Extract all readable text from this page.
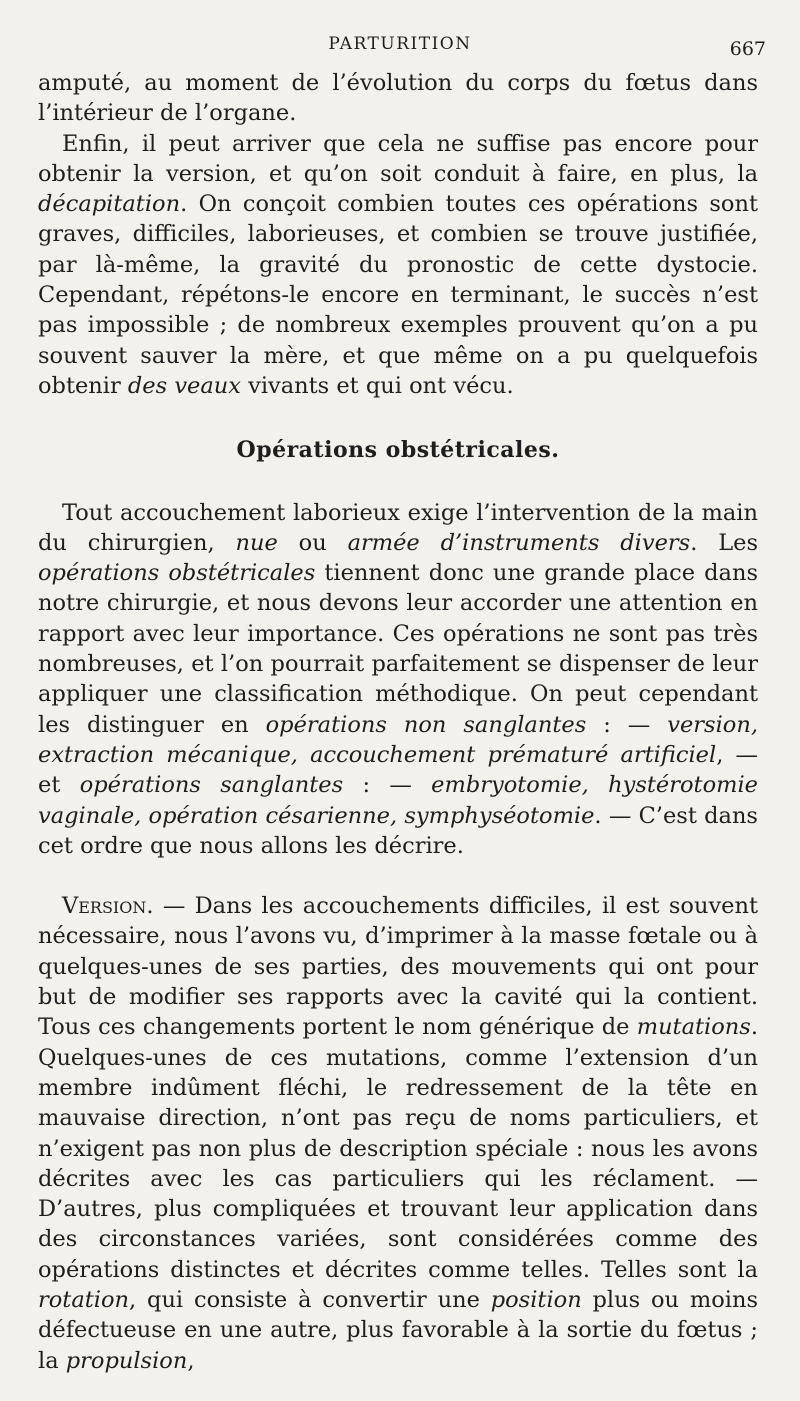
PARTURITION	667

amputé, au moment de l’évolution du corps du fœtus dans l’intérieur de l’organe.

Enfin, il peut arriver que cela ne suffise pas encore pour obtenir la version, et qu’on soit conduit à faire, en plus, la décapitation. On conçoit combien toutes ces opérations sont graves, difficiles, laborieuses, et combien se trouve justifiée, par là-même, la gravité du pronostic de cette dystocie. Cependant, répétons-le encore en terminant, le succès n’est pas impossible ; de nombreux exemples prouvent qu’on a pu souvent sauver la mère, et que même on a pu quelquefois obtenir des veaux vivants et qui ont vécu.

Opérations obstétricales.

Tout accouchement laborieux exige l’intervention de la main du chirurgien, nue ou armée d’instruments divers. Les opérations obstétricales tiennent donc une grande place dans notre chirurgie, et nous devons leur accorder une attention en rapport avec leur importance. Ces opérations ne sont pas très nombreuses, et l’on pourrait parfaitement se dispenser de leur appliquer une classification méthodique. On peut cependant les distinguer en opérations non sanglantes : — version, extraction mécanique, accouchement prématuré artificiel, — et opérations sanglantes : — embryotomie, hystérotomie vaginale, opération césarienne, symphyséotomie. — C’est dans cet ordre que nous allons les décrire.

Version. — Dans les accouchements difficiles, il est souvent nécessaire, nous l’avons vu, d’imprimer à la masse fœtale ou à quelques-unes de ses parties, des mouvements qui ont pour but de modifier ses rapports avec la cavité qui la contient. Tous ces changements portent le nom générique de mutations. Quelques-unes de ces mutations, comme l’extension d’un membre indûment fléchi, le redressement de la tête en mauvaise direction, n’ont pas reçu de noms particuliers, et n’exigent pas non plus de description spéciale : nous les avons décrites avec les cas particuliers qui les réclament. — D’autres, plus compliquées et trouvant leur application dans des circonstances variées, sont considérées comme des opérations distinctes et décrites comme telles. Telles sont la rotation, qui consiste à convertir une position plus ou moins défectueuse en une autre, plus favorable à la sortie du fœtus ; la propulsion,
